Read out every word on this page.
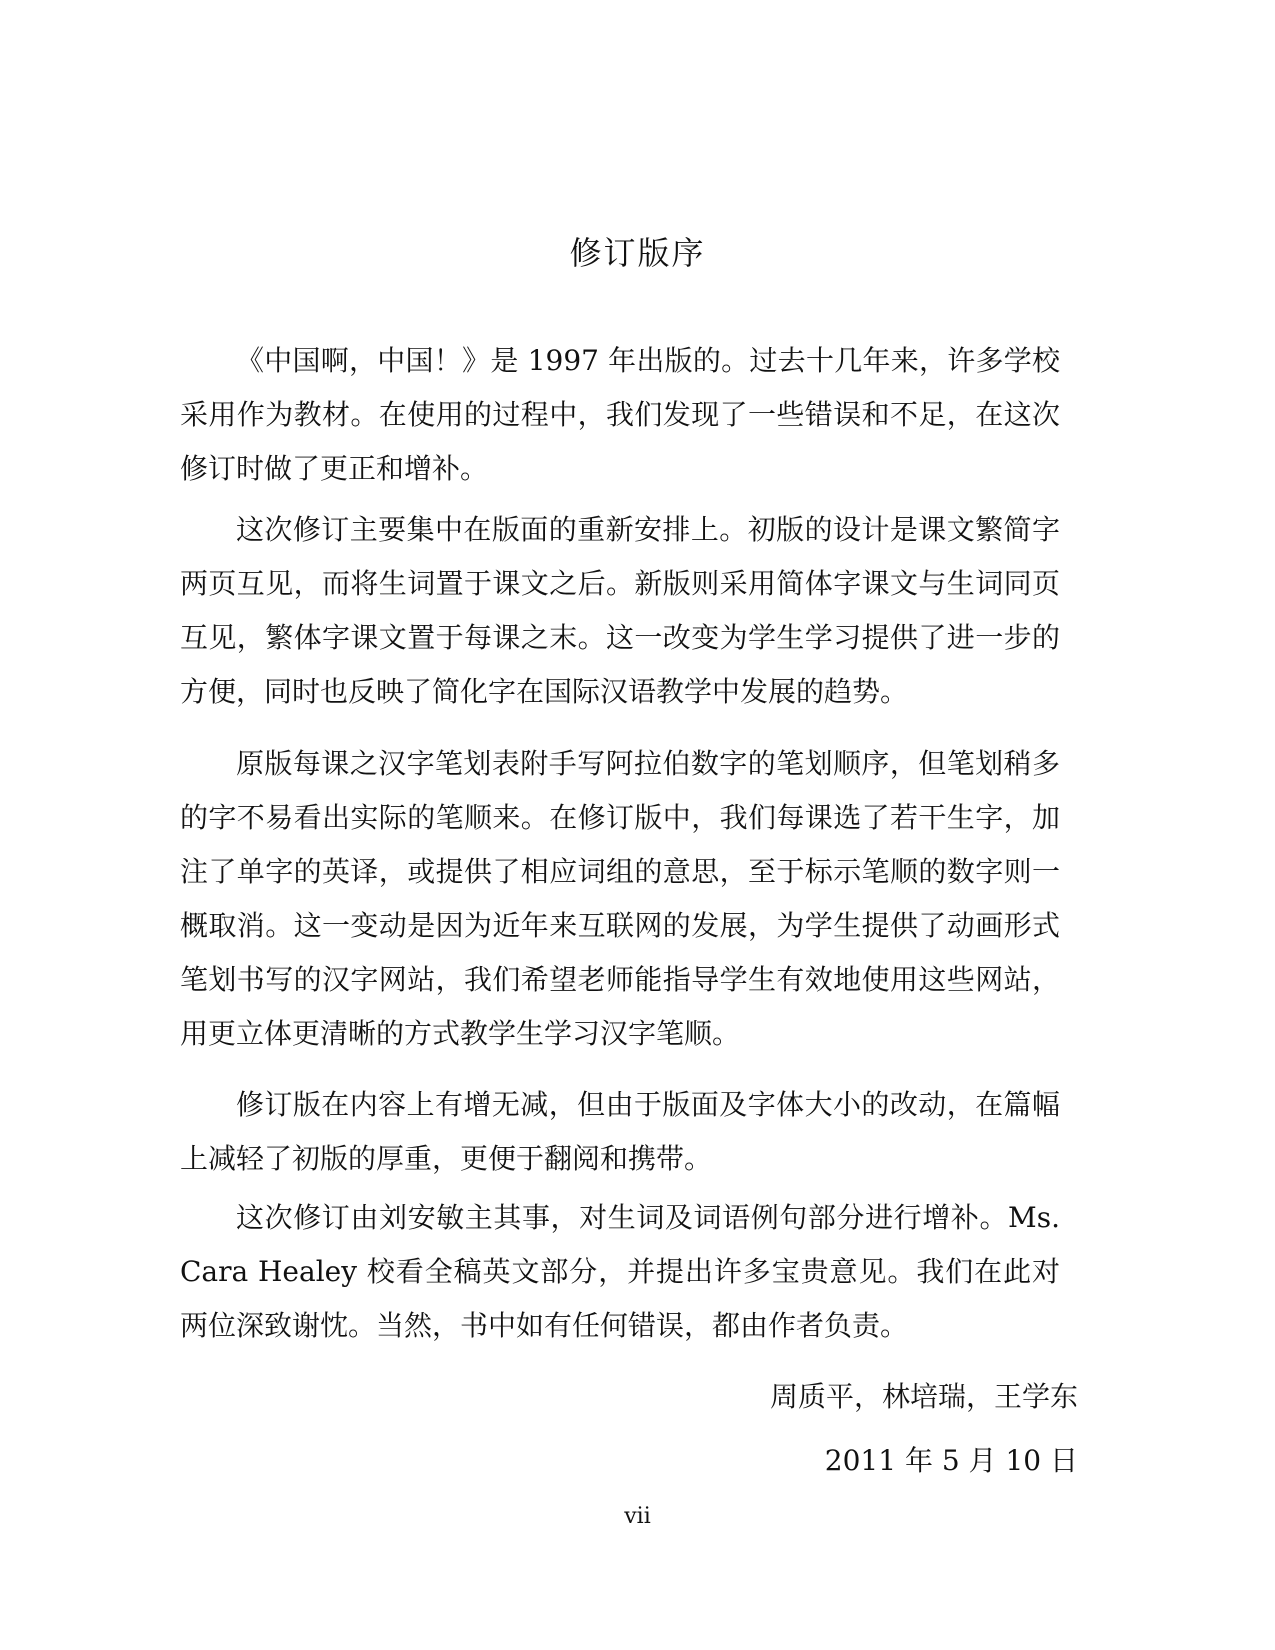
修订版序

《中国啊，中国！》是 1997 年出版的。过去十几年来，许多学校采用作为教材。在使用的过程中，我们发现了一些错误和不足，在这次修订时做了更正和增补。

这次修订主要集中在版面的重新安排上。初版的设计是课文繁简字两页互见，而将生词置于课文之后。新版则采用简体字课文与生词同页互见，繁体字课文置于每课之末。这一改变为学生学习提供了进一步的方便，同时也反映了简化字在国际汉语教学中发展的趋势。

原版每课之汉字笔划表附手写阿拉伯数字的笔划顺序，但笔划稍多的字不易看出实际的笔顺来。在修订版中，我们每课选了若干生字，加注了单字的英译，或提供了相应词组的意思，至于标示笔顺的数字则一概取消。这一变动是因为近年来互联网的发展，为学生提供了动画形式笔划书写的汉字网站，我们希望老师能指导学生有效地使用这些网站，用更立体更清晰的方式教学生学习汉字笔顺。

修订版在内容上有增无减，但由于版面及字体大小的改动，在篇幅上减轻了初版的厚重，更便于翻阅和携带。

这次修订由刘安敏主其事，对生词及词语例句部分进行增补。Ms. Cara Healey 校看全稿英文部分，并提出许多宝贵意见。我们在此对两位深致谢忱。当然，书中如有任何错误，都由作者负责。

周质平，林培瑞，王学东
2011 年 5 月 10 日
vii
